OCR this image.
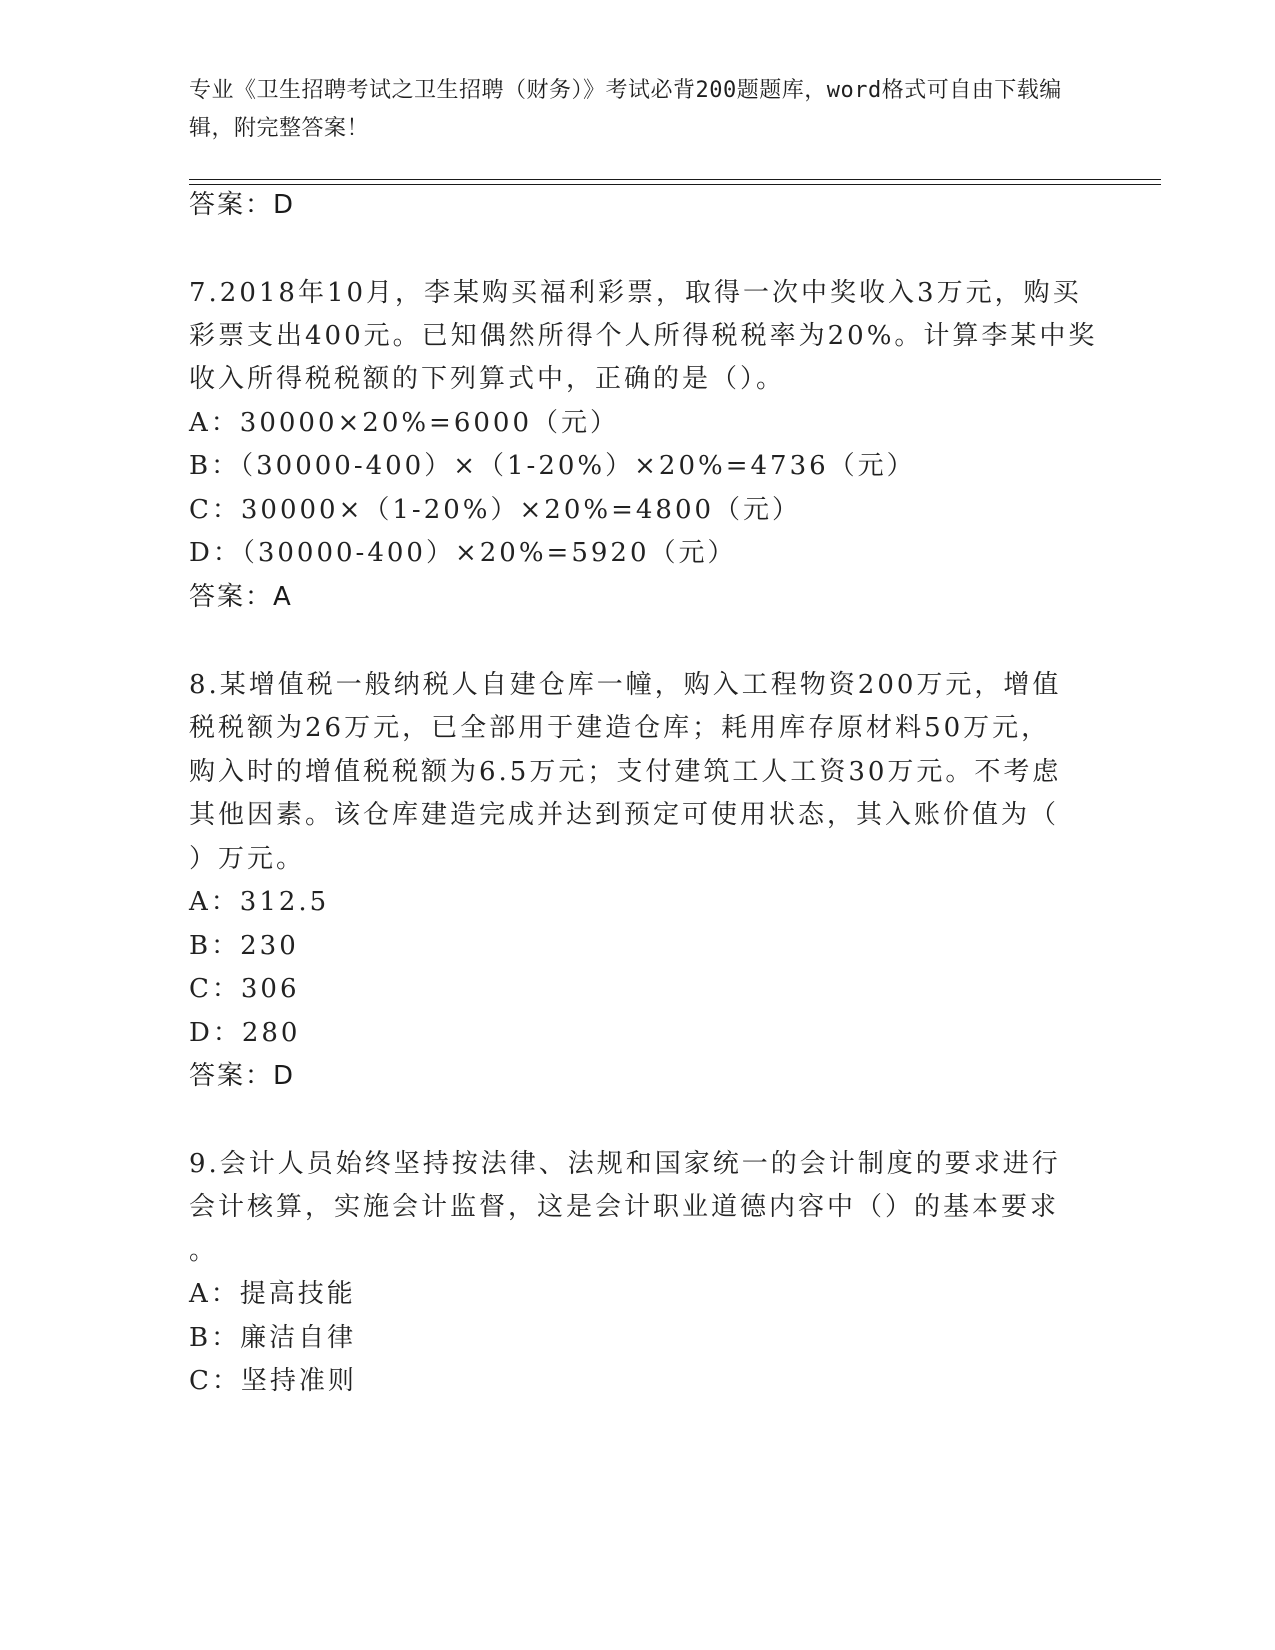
专业《卫生招聘考试之卫生招聘（财务）》考试必背200题题库，word格式可自由下载编辑，附完整答案！
答案：D
7.2018年10月，李某购买福利彩票，取得一次中奖收入3万元，购买
彩票支出400元。已知偶然所得个人所得税税率为20%。计算李某中奖
收入所得税税额的下列算式中，正确的是（）。
A：30000×20%=6000（元）
B：（30000-400）×（1-20%）×20%=4736（元）
C：30000×（1-20%）×20%=4800（元）
D：（30000-400）×20%=5920（元）
答案：A
8.某增值税一般纳税人自建仓库一幢，购入工程物资200万元，增值
税税额为26万元，已全部用于建造仓库；耗用库存原材料50万元，
购入时的增值税税额为6.5万元；支付建筑工人工资30万元。不考虑
其他因素。该仓库建造完成并达到预定可使用状态，其入账价值为（
）万元。
A：312.5
B：230
C：306
D：280
答案：D
9.会计人员始终坚持按法律、法规和国家统一的会计制度的要求进行
会计核算，实施会计监督，这是会计职业道德内容中（）的基本要求
。
A：提高技能
B：廉洁自律
C：坚持准则
